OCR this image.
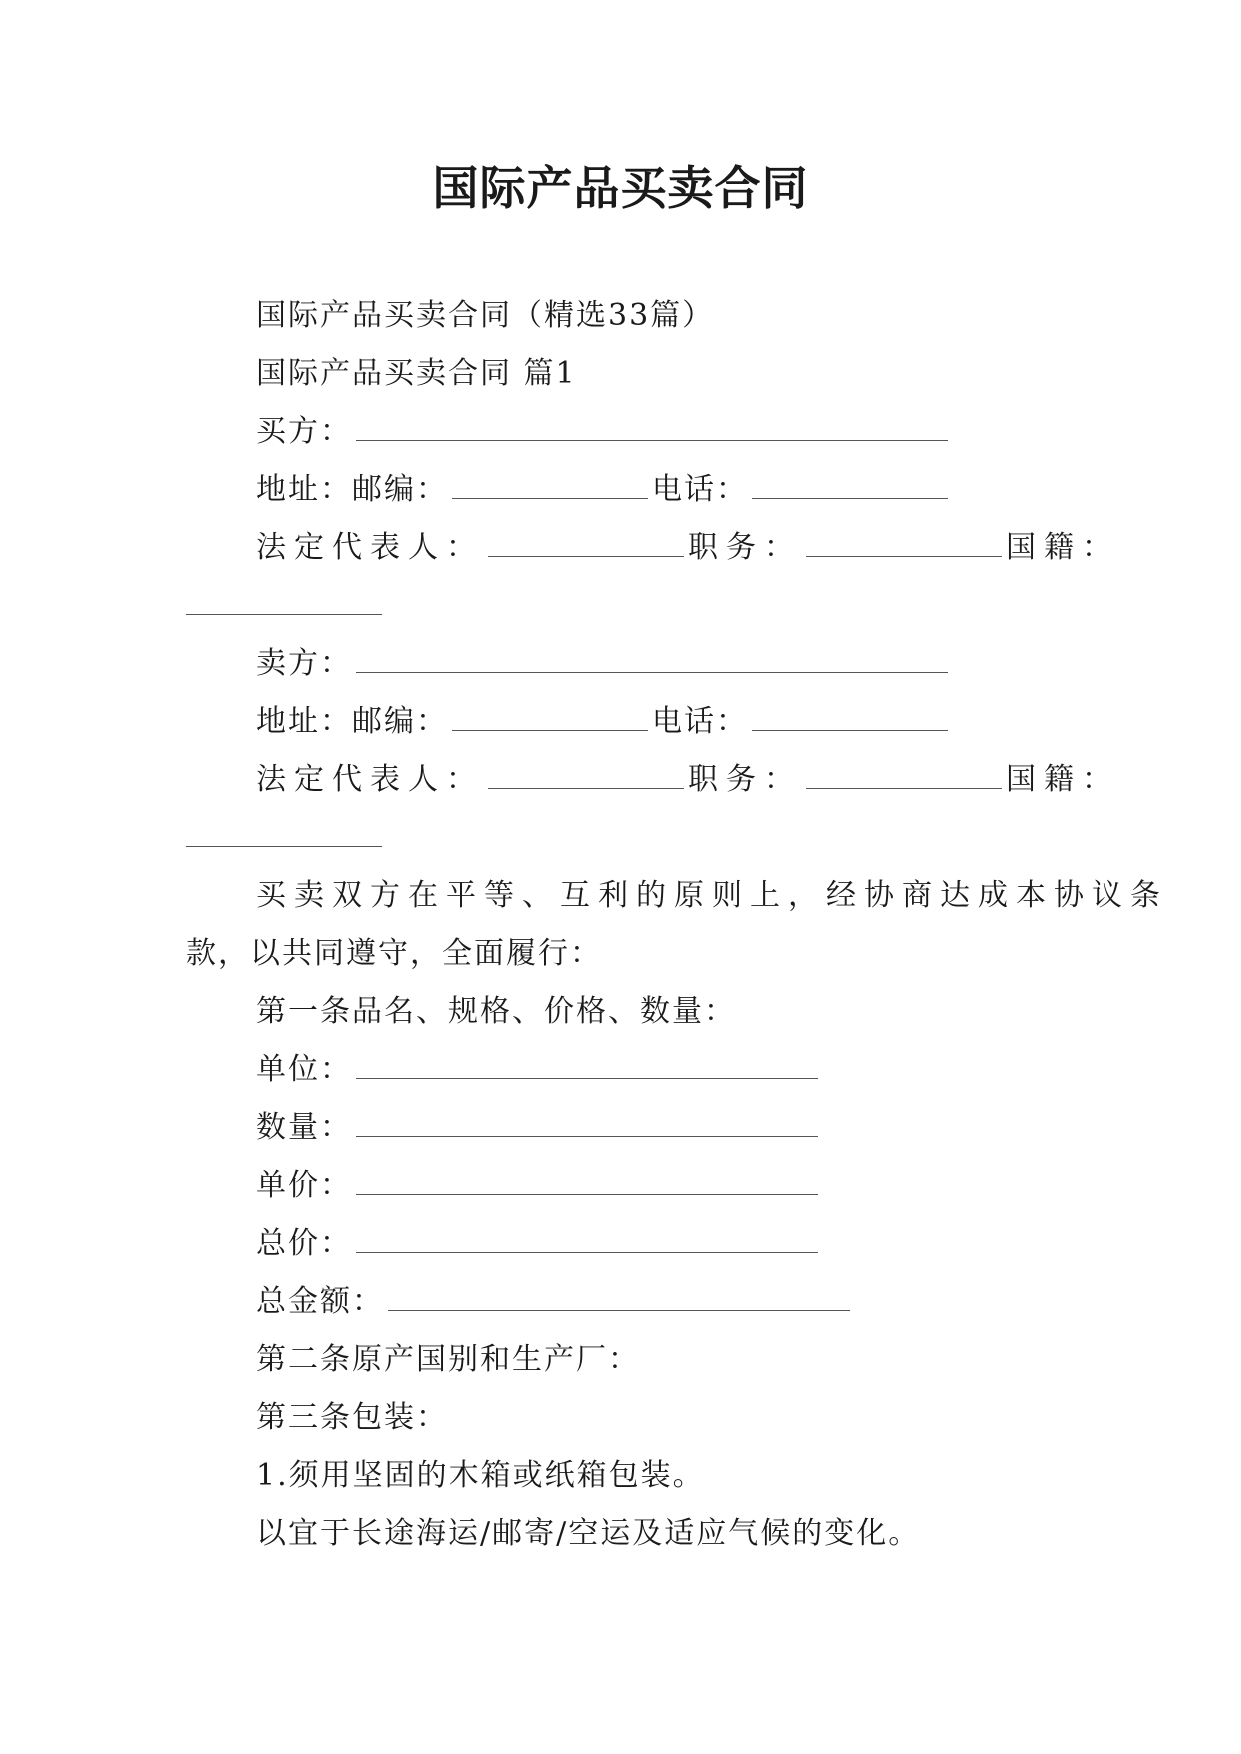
国际产品买卖合同
国际产品买卖合同（精选33篇）
国际产品买卖合同 篇1
买方：
地址：邮编：	电话：
法定代表人：	职务：	国籍：
卖方：
地址：邮编：	电话：
法定代表人：	职务：	国籍：
买卖双方在平等、互利的原则上，经协商达成本协议条
款，以共同遵守，全面履行：
第一条品名、规格、价格、数量：
单位：
数量：
单价：
总价：
总金额：
第二条原产国别和生产厂：
第三条包装：
1.须用坚固的木箱或纸箱包装。
以宜于长途海运/邮寄/空运及适应气候的变化。
